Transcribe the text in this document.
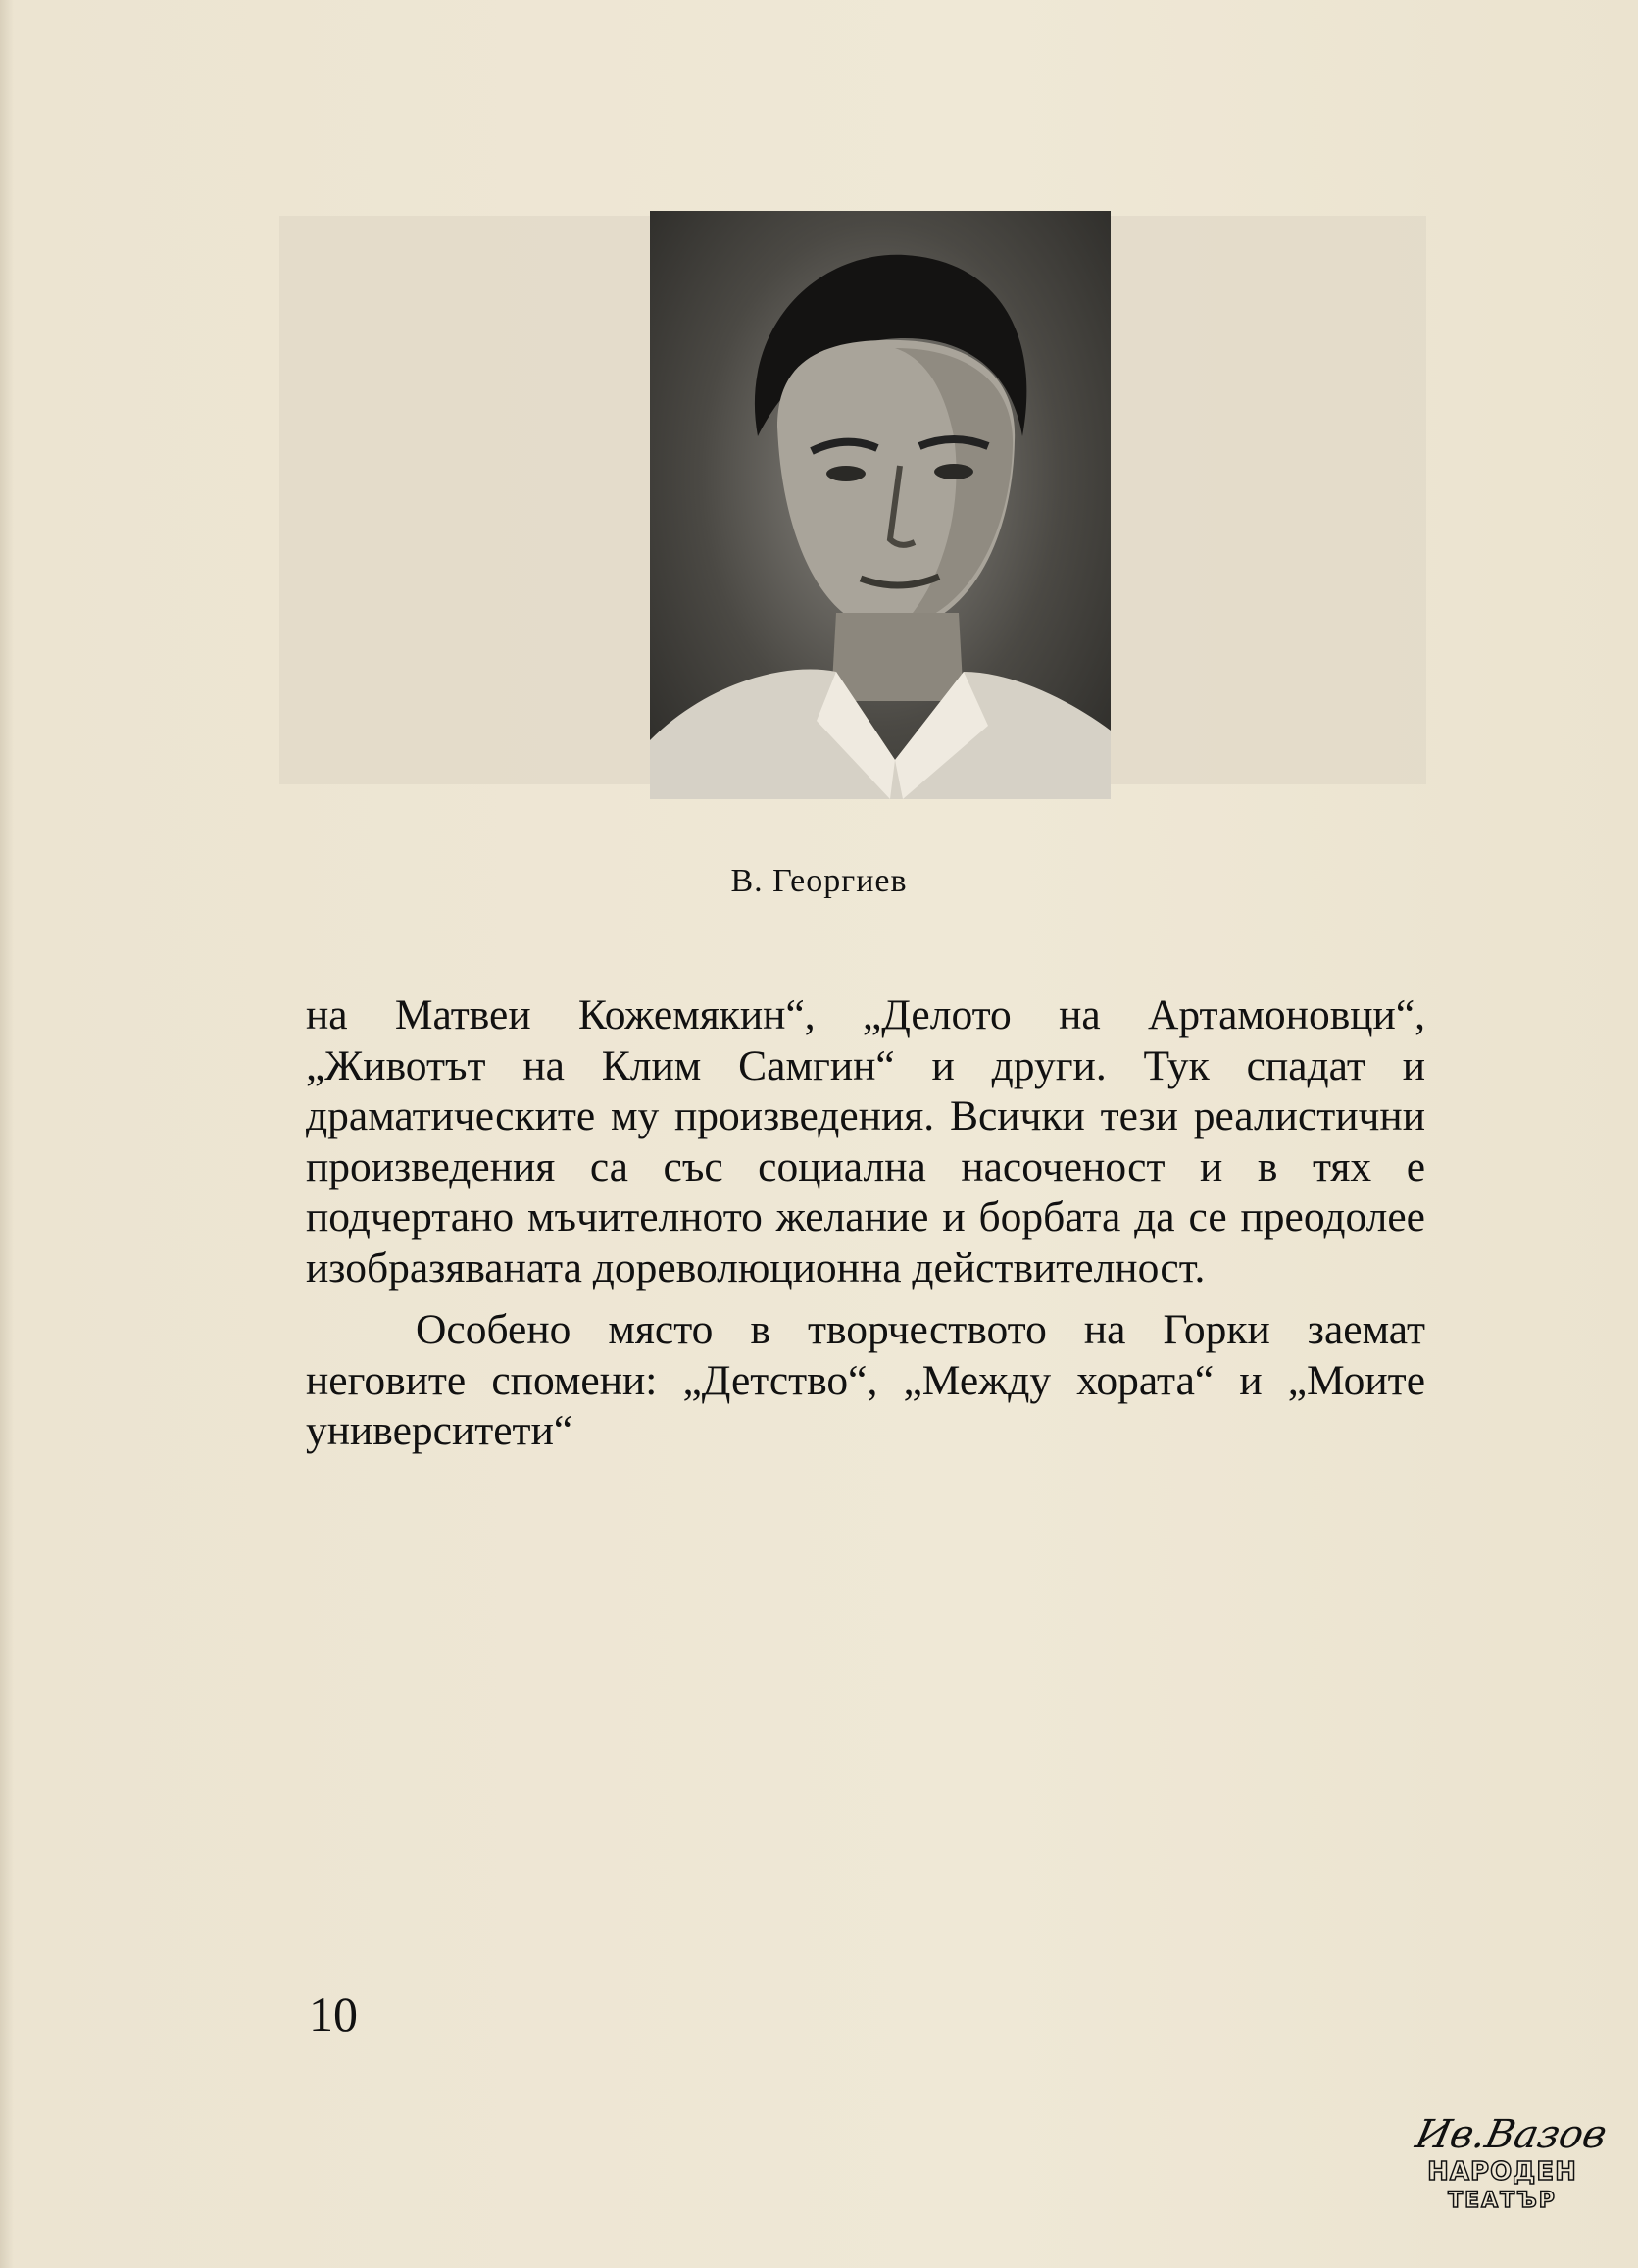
В. Георгиев

на Матвеи Кожемякин“, „Делото на Артамоновци“, „Животът на Клим Самгин“ и други. Тук спадат и драматическите му произведения. Всички тези реалистични произведения са със социална насоченост и в тях е подчертано мъчителното желание и борбата да се преодолее изобразяваната дореволюционна действителност.

Особено място в творчеството на Горки заемат неговите спомени: „Детство“, „Между хората“ и „Моите университети“

10
Ив.Вазов
НАРОДЕН
ТЕАТЪР
